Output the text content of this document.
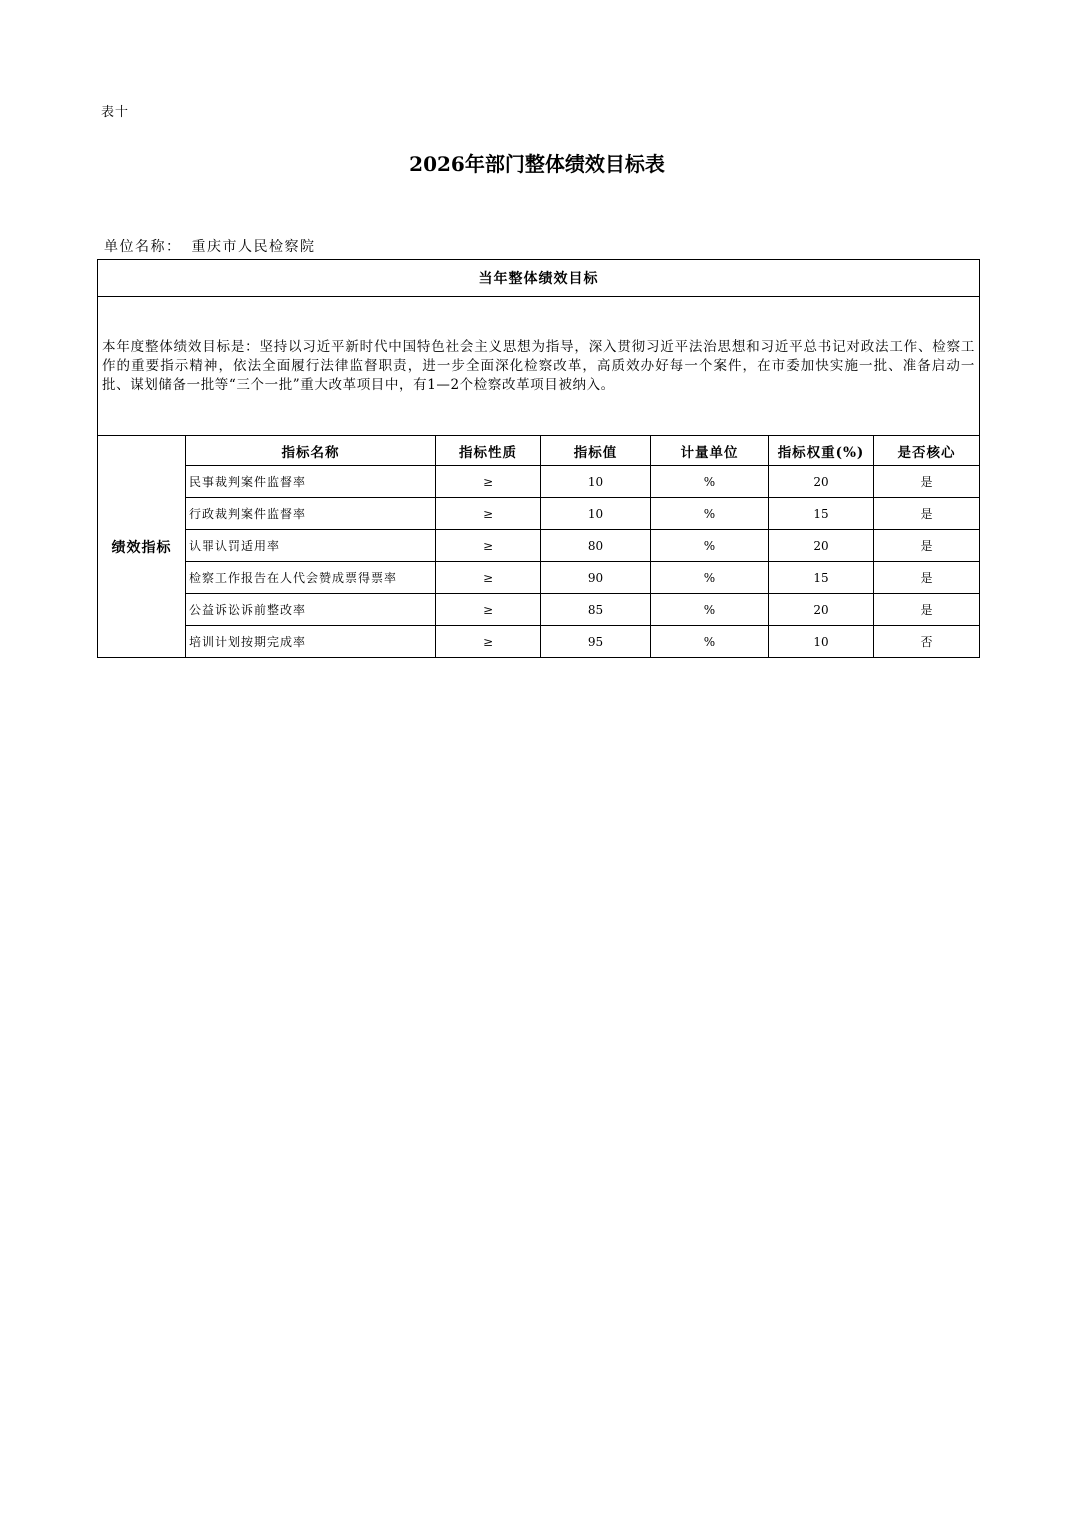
表十
2026年部门整体绩效目标表
单位名称： 重庆市人民检察院
当年整体绩效目标						
本年度整体绩效目标是：坚持以习近平新时代中国特色社会主义思想为指导，深入贯彻习近平法治思想和习近平总书记对政法工作、检察工作的重要指示精神，依法全面履行法律监督职责，进一步全面深化检察改革，高质效办好每一个案件，在市委加快实施一批、准备启动一批、谋划储备一批等“三个一批”重大改革项目中，有1—2个检察改革项目被纳入。						
绩效指标	指标名称	指标性质	指标值	计量单位	指标权重(%)	是否核心
	民事裁判案件监督率	≥	10	%	20	是
	行政裁判案件监督率	≥	10	%	15	是
	认罪认罚适用率	≥	80	%	20	是
	检察工作报告在人代会赞成票得票率	≥	90	%	15	是
	公益诉讼诉前整改率	≥	85	%	20	是
	培训计划按期完成率	≥	95	%	10	否
